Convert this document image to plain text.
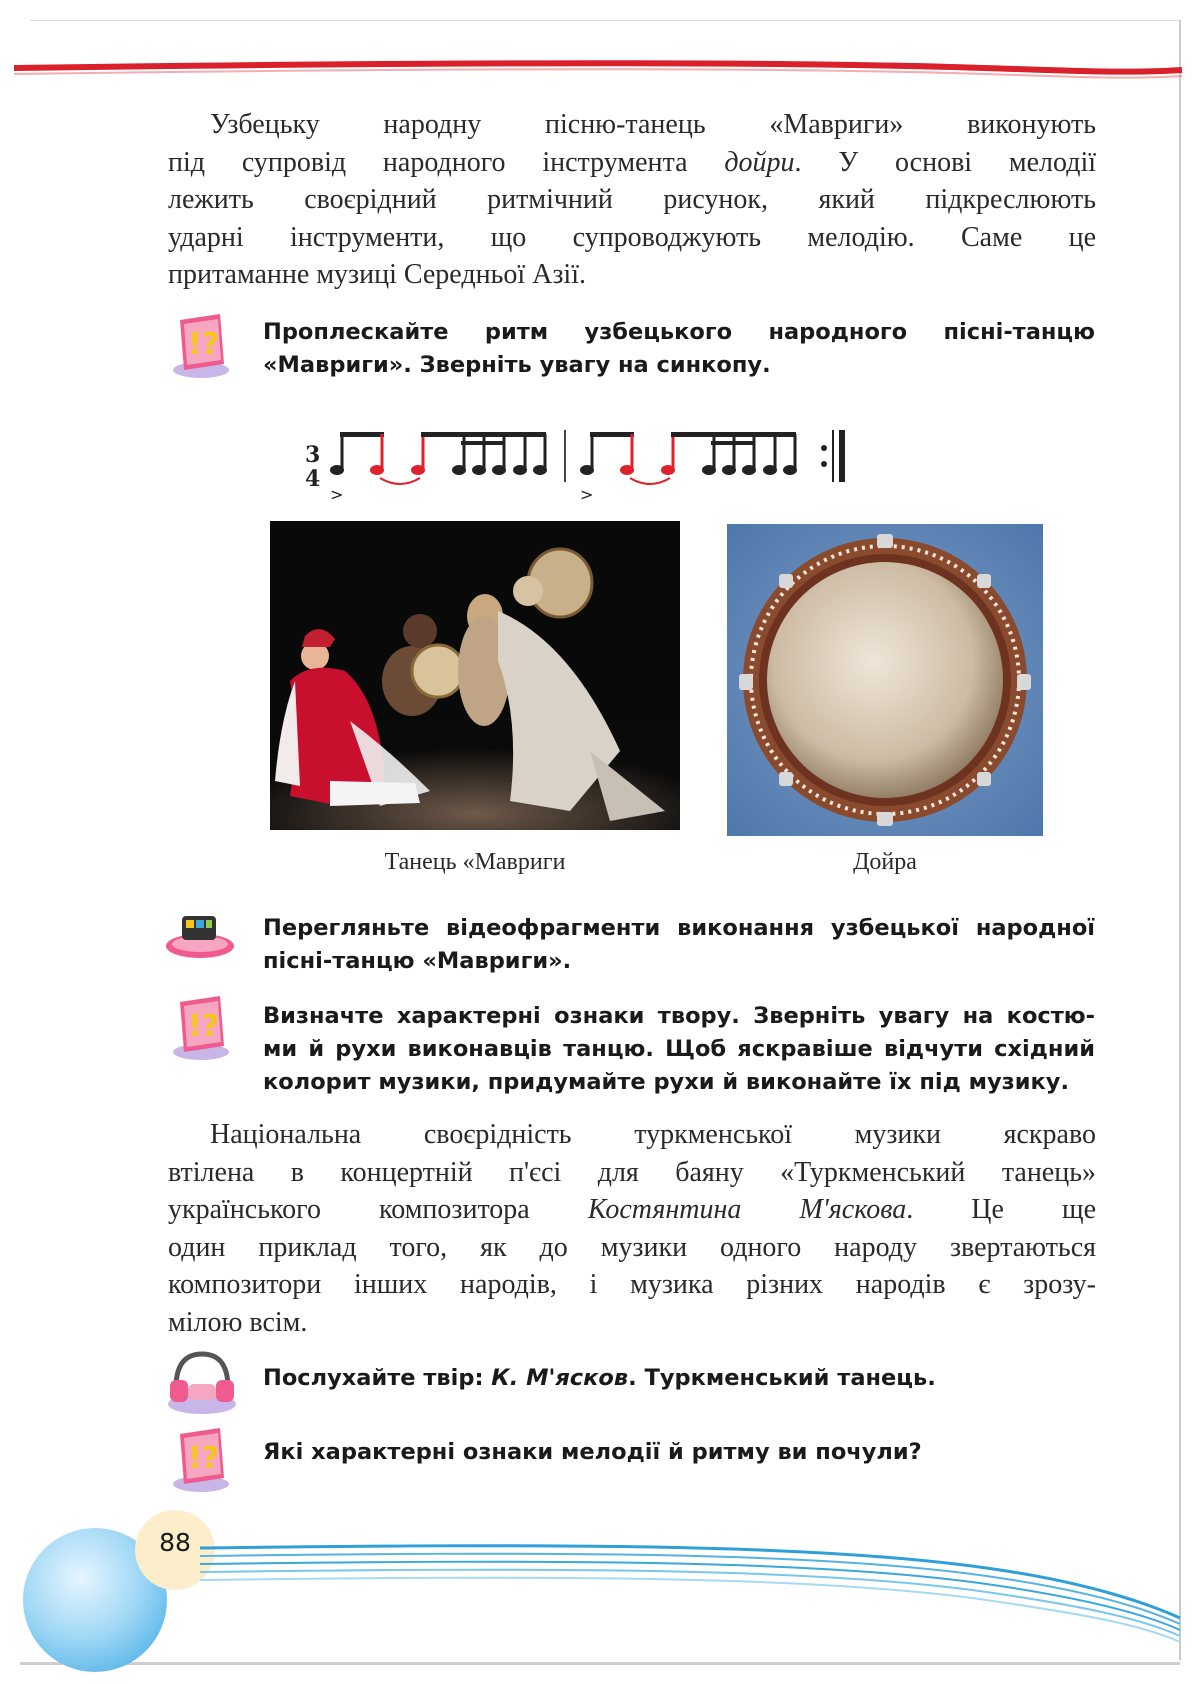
Узбецьку народну пісню-танець «Мавриги» виконують
під супровід народного інструмента дойри. У основі мелодії
лежить своєрідний ритмічний рисунок, який підкреслюють
ударні інструменти, що супроводжують мелодію. Саме це
притаманне музиці Середньої Азії.
!? Проплескайте ритм узбецького народного пісні-танцю
«Мавриги». Зверніть увагу на синкопу.
3
4
>	>
Танець «Мавриги	Дойра
Перегляньте відеофрагменти виконання узбецької народної
пісні-танцю «Мавриги».
!? Визначте характерні ознаки твору. Зверніть увагу на костю-
ми й рухи виконавців танцю. Щоб яскравіше відчути східний
колорит музики, придумайте рухи й виконайте їх під музику.
Національна своєрідність туркменської музики яскраво
втілена в концертній п'єсі для баяну «Туркменський танець»
українського композитора Костянтина М'яскова. Це ще
один приклад того, як до музики одного народу звертаються
композитори інших народів, і музика різних народів є зрозу-
мілою всім.
Послухайте твір: К. М'ясков. Туркменський танець.
!? Які характерні ознаки мелодії й ритму ви почули?
88
